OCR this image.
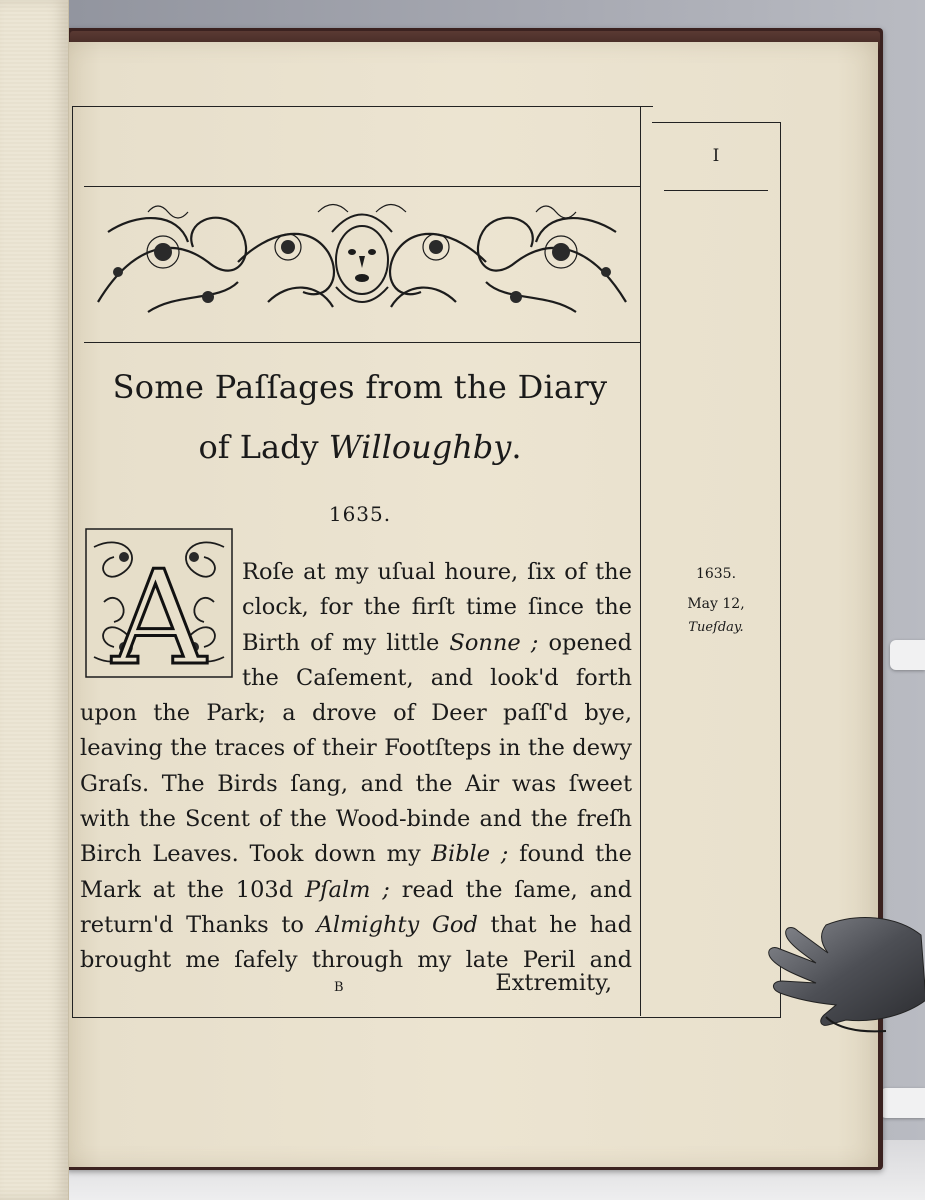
I
Some Paſſages from the Diary
of Lady Willoughby.
1635.
A	Roſe at my uſual houre, ſix of the
clock, for the firſt time ſince the
Birth of my little Sonne ; opened
the Caſement, and look'd forth
upon the Park; a drove of Deer paſſ'd bye,
leaving the traces of their Footſteps in the dewy
Graſs. The Birds ſang, and the Air was ſweet
with the Scent of the Wood-binde and the freſh
Birch Leaves. Took down my Bible ; found the
Mark at the 103d Pſalm ; read the ſame, and
return'd Thanks to Almighty God that he had
brought me ſafely through my late Peril and
B	Extremity,
1635.
May 12,
Tueſday.
